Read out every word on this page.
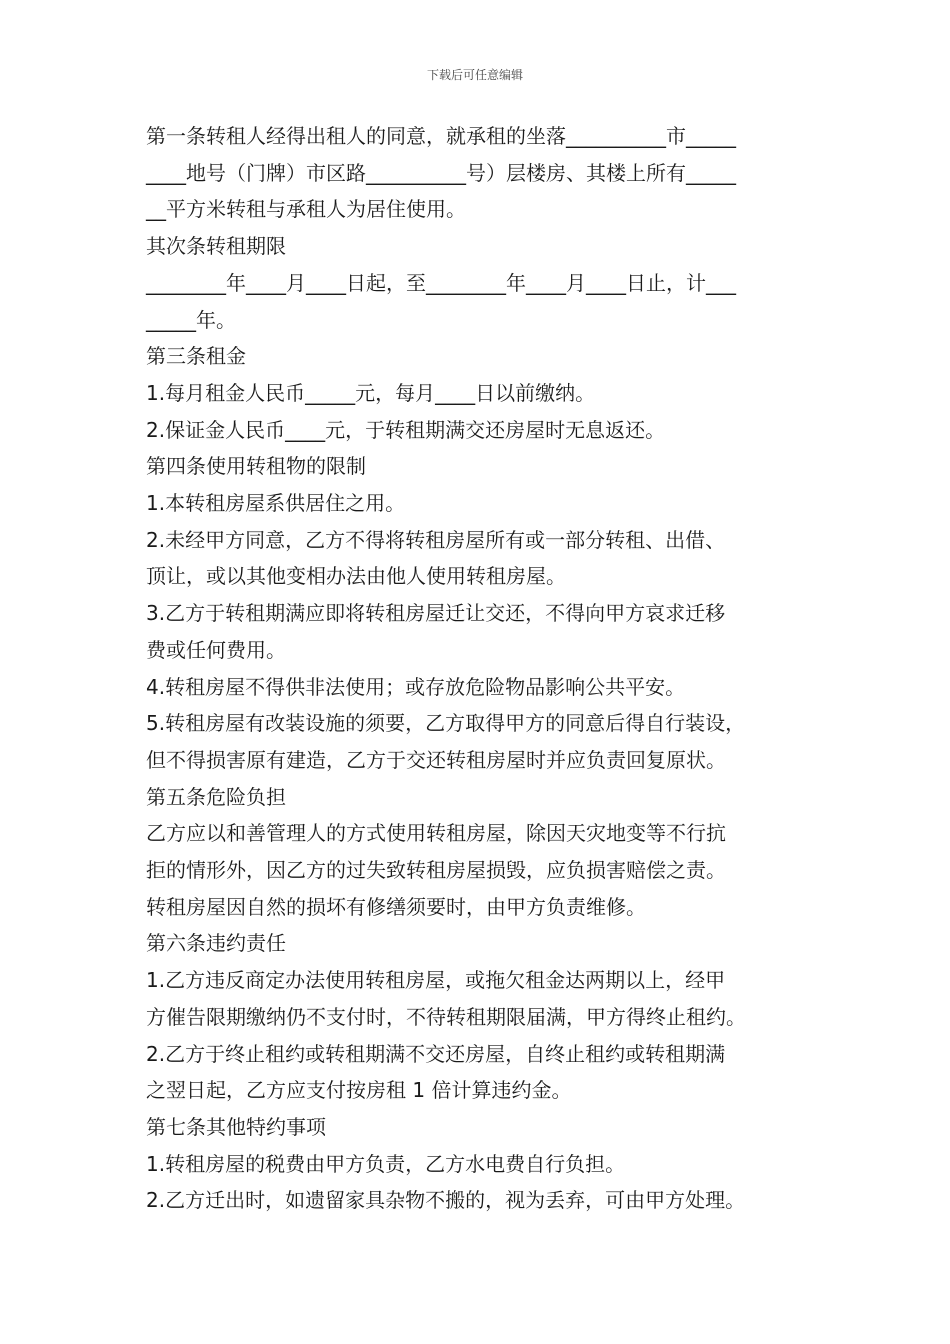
下载后可任意编辑
第一条转租人经得出租人的同意，就承租的坐落__________市_____
____地号（门牌）市区路__________号）层楼房、其楼上所有_____
__平方米转租与承租人为居住使用。
其次条转租期限
________年____月____日起，至________年____月____日止，计___
_____年。
第三条租金
1.每月租金人民币_____元，每月____日以前缴纳。
2.保证金人民币____元，于转租期满交还房屋时无息返还。
第四条使用转租物的限制
1.本转租房屋系供居住之用。
2.未经甲方同意，乙方不得将转租房屋所有或一部分转租、出借、
顶让，或以其他变相办法由他人使用转租房屋。
3.乙方于转租期满应即将转租房屋迁让交还，不得向甲方哀求迁移
费或任何费用。
4.转租房屋不得供非法使用；或存放危险物品影响公共平安。
5.转租房屋有改装设施的须要，乙方取得甲方的同意后得自行装设，
但不得损害原有建造，乙方于交还转租房屋时并应负责回复原状。
第五条危险负担
乙方应以和善管理人的方式使用转租房屋，除因天灾地变等不行抗
拒的情形外，因乙方的过失致转租房屋损毁，应负损害赔偿之责。
转租房屋因自然的损坏有修缮须要时，由甲方负责维修。
第六条违约责任
1.乙方违反商定办法使用转租房屋，或拖欠租金达两期以上，经甲
方催告限期缴纳仍不支付时，不待转租期限届满，甲方得终止租约。
2.乙方于终止租约或转租期满不交还房屋，自终止租约或转租期满
之翌日起，乙方应支付按房租 1 倍计算违约金。
第七条其他特约事项
1.转租房屋的税费由甲方负责，乙方水电费自行负担。
2.乙方迁出时，如遗留家具杂物不搬的，视为丢弃，可由甲方处理。
